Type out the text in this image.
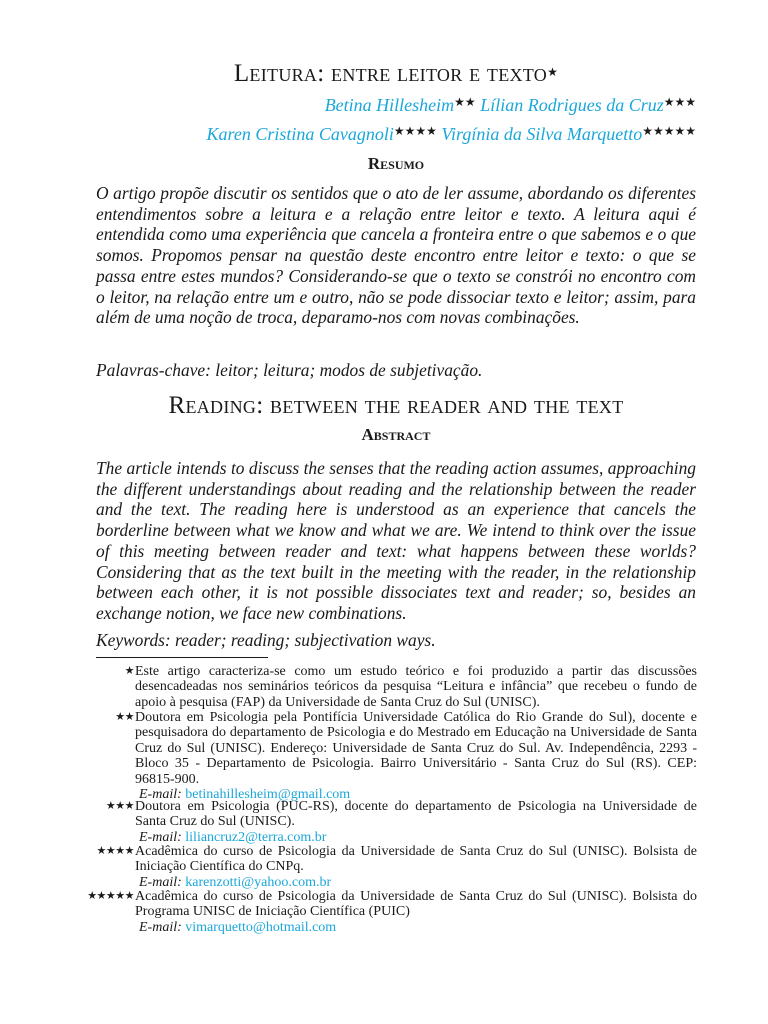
Leitura: entre leitor e texto★
Betina Hillesheim★★ Lílian Rodrigues da Cruz★★★
Karen Cristina Cavagnoli★★★★ Virgínia da Silva Marquetto★★★★★
Resumo
O artigo propõe discutir os sentidos que o ato de ler assume, abordando os diferentes entendimentos sobre a leitura e a relação entre leitor e texto. A leitura aqui é entendida como uma experiência que cancela a fronteira entre o que sabemos e o que somos. Propomos pensar na questão deste encontro entre leitor e texto: o que se passa entre estes mundos? Considerando-se que o texto se constrói no encontro com o leitor, na relação entre um e outro, não se pode dissociar texto e leitor; assim, para além de uma noção de troca, deparamo-nos com novas combinações.
Palavras-chave: leitor; leitura; modos de subjetivação.
Reading: between the reader and the text
Abstract
The article intends to discuss the senses that the reading action assumes, approaching the different understandings about reading and the relationship between the reader and the text. The reading here is understood as an experience that cancels the borderline between what we know and what we are. We intend to think over the issue of this meeting between reader and text: what happens between these worlds? Considering that as the text built in the meeting with the reader, in the relationship between each other, it is not possible dissociates text and reader; so, besides an exchange notion, we face new combinations.
Keywords: reader; reading; subjectivation ways.
★ Este artigo caracteriza-se como um estudo teórico e foi produzido a partir das discussões desencadeadas nos seminários teóricos da pesquisa “Leitura e infância” que recebeu o fundo de apoio à pesquisa (FAP) da Universidade de Santa Cruz do Sul (UNISC).
★★ Doutora em Psicologia pela Pontifícia Universidade Católica do Rio Grande do Sul), docente e pesquisadora do departamento de Psicologia e do Mestrado em Educação na Universidade de Santa Cruz do Sul (UNISC). Endereço: Universidade de Santa Cruz do Sul. Av. Independência, 2293 - Bloco 35 - Departamento de Psicologia. Bairro Universitário - Santa Cruz do Sul (RS). CEP: 96815-900.
E-mail: betinahillesheim@gmail.com
★★★ Doutora em Psicologia (PUC-RS), docente do departamento de Psicologia na Universidade de Santa Cruz do Sul (UNISC).
E-mail: liliancruz2@terra.com.br
★★★★ Acadêmica do curso de Psicologia da Universidade de Santa Cruz do Sul (UNISC). Bolsista de Iniciação Científica do CNPq.
E-mail: karenzotti@yahoo.com.br
★★★★★ Acadêmica do curso de Psicologia da Universidade de Santa Cruz do Sul (UNISC). Bolsista do Programa UNISC de Iniciação Científica (PUIC)
E-mail: vimarquetto@hotmail.com
